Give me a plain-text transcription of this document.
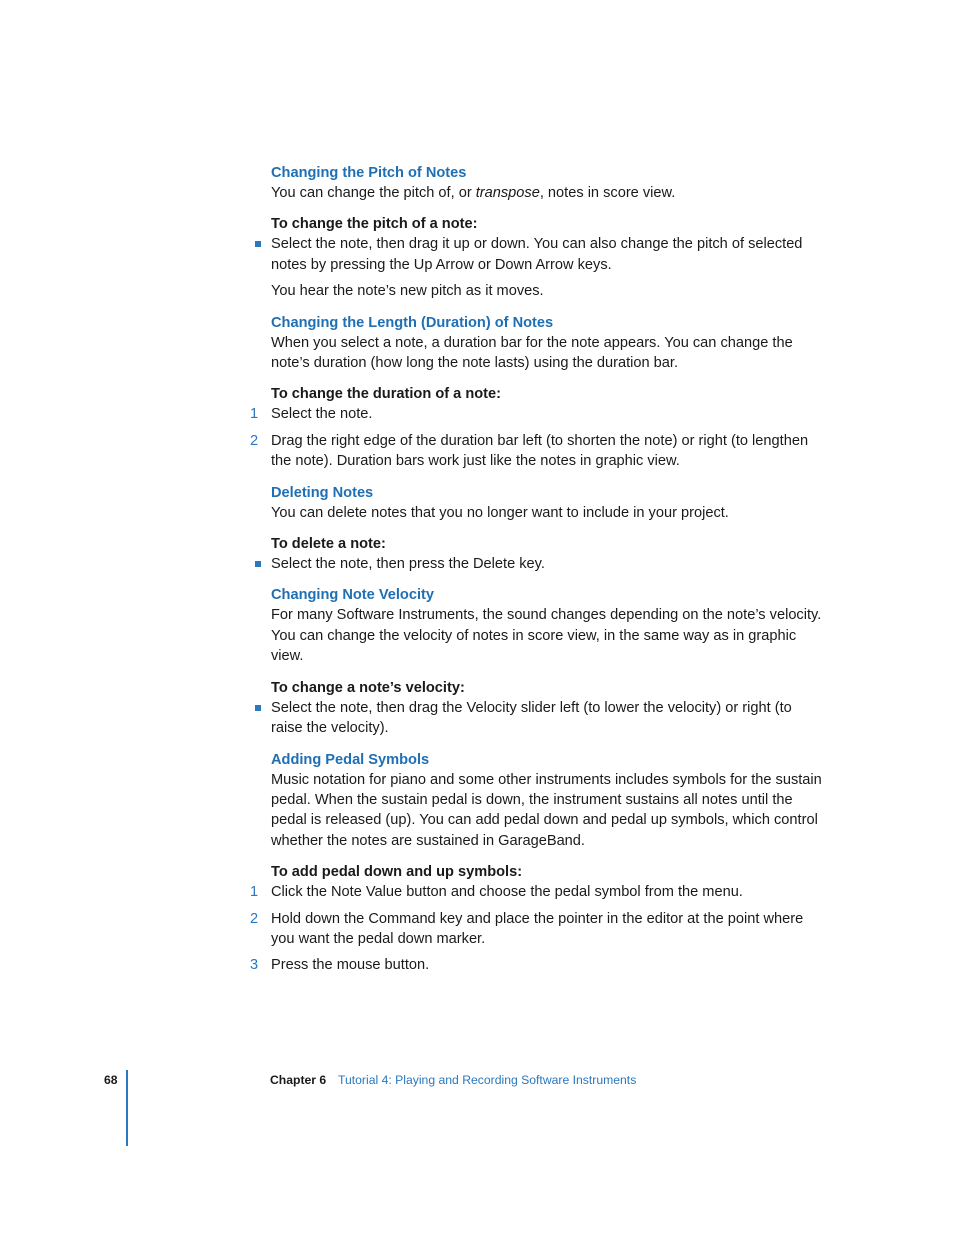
Changing the Pitch of Notes

You can change the pitch of, or transpose, notes in score view.

To change the pitch of a note:

Select the note, then drag it up or down. You can also change the pitch of selected notes by pressing the Up Arrow or Down Arrow keys.

You hear the note’s new pitch as it moves.

Changing the Length (Duration) of Notes

When you select a note, a duration bar for the note appears. You can change the note’s duration (how long the note lasts) using the duration bar.

To change the duration of a note:

1 Select the note.
2 Drag the right edge of the duration bar left (to shorten the note) or right (to lengthen the note). Duration bars work just like the notes in graphic view.
Deleting Notes

You can delete notes that you no longer want to include in your project.

To delete a note:

Select the note, then press the Delete key.
Changing Note Velocity

For many Software Instruments, the sound changes depending on the note’s velocity. You can change the velocity of notes in score view, in the same way as in graphic view.

To change a note’s velocity:

Select the note, then drag the Velocity slider left (to lower the velocity) or right (to raise the velocity).
Adding Pedal Symbols

Music notation for piano and some other instruments includes symbols for the sustain pedal. When the sustain pedal is down, the instrument sustains all notes until the pedal is released (up). You can add pedal down and pedal up symbols, which control whether the notes are sustained in GarageBand.

To add pedal down and up symbols:

1 Click the Note Value button and choose the pedal symbol from the menu.
2 Hold down the Command key and place the pointer in the editor at the point where you want the pedal down marker.
3 Press the mouse button.
68	Chapter 6 Tutorial 4: Playing and Recording Software Instruments
